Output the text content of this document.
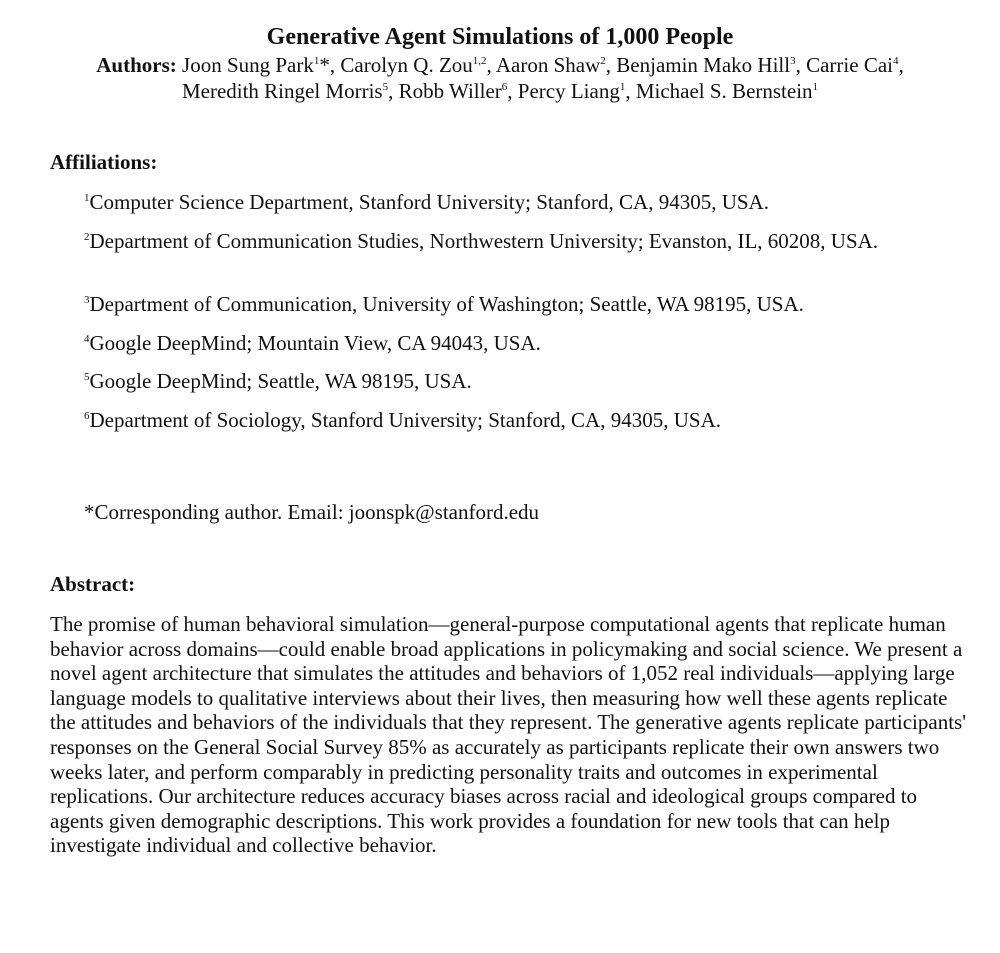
Generative Agent Simulations of 1,000 People
Authors: Joon Sung Park$^1$*, Carolyn Q. Zou$^{1,2}$, Aaron Shaw$^2$, Benjamin Mako Hill$^3$, Carrie Cai$^4$,
Meredith Ringel Morris$^5$, Robb Willer$^6$, Percy Liang$^1$, Michael S. Bernstein$^1$
Affiliations:
$^1$Computer Science Department, Stanford University; Stanford, CA, 94305, USA.
$^2$Department of Communication Studies, Northwestern University; Evanston, IL, 60208, USA.
$^3$Department of Communication, University of Washington; Seattle, WA 98195, USA.
$^4$Google DeepMind; Mountain View, CA 94043, USA.
$^5$Google DeepMind; Seattle, WA 98195, USA.
$^6$Department of Sociology, Stanford University; Stanford, CA, 94305, USA.
*Corresponding author. Email: joonspk@stanford.edu
Abstract:
The promise of human behavioral simulation—general-purpose computational agents that replicate human behavior across domains—could enable broad applications in policymaking and social science. We present a novel agent architecture that simulates the attitudes and behaviors of 1,052 real individuals—applying large language models to qualitative interviews about their lives, then measuring how well these agents replicate the attitudes and behaviors of the individuals that they represent. The generative agents replicate participants' responses on the General Social Survey 85% as accurately as participants replicate their own answers two weeks later, and perform comparably in predicting personality traits and outcomes in experimental replications. Our architecture reduces accuracy biases across racial and ideological groups compared to agents given demographic descriptions. This work provides a foundation for new tools that can help investigate individual and collective behavior.
